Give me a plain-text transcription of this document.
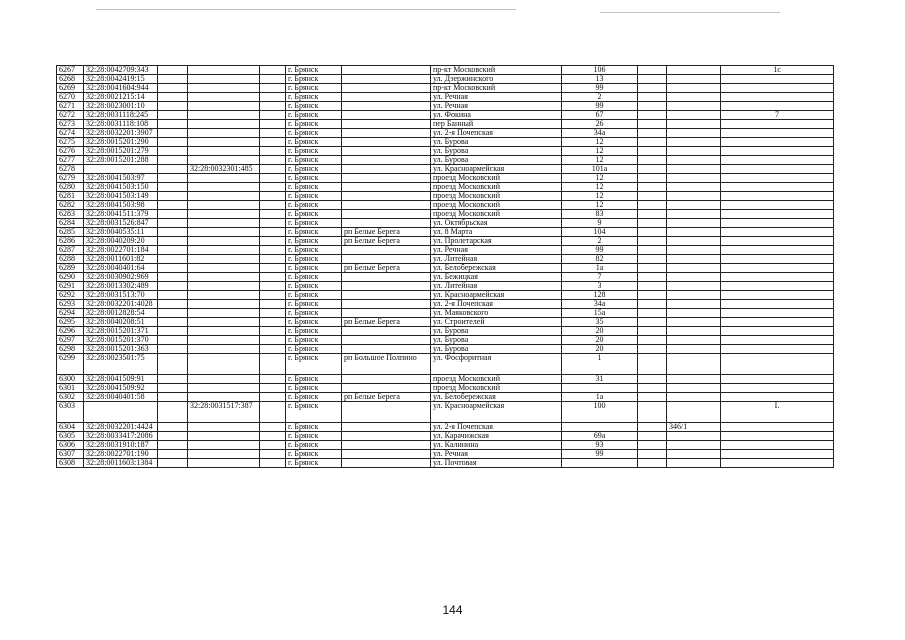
6267	32:28:0042709:343				г. Брянск		пр-кт Московский	106			1с
6268	32:28:0042419:15				г. Брянск		ул. Дзержинского	13			
6269	32:28:0041604:944				г. Брянск		пр-кт Московский	99			
6270	32:28:0021215:14				г. Брянск		ул. Речная	2			
6271	32:28:0023001:10				г. Брянск		ул. Речная	99			
6272	32:28:0031118:245				г. Брянск		ул. Фокина	67			7
6273	32:28:0031118:108				г. Брянск		пер Банный	26			
6274	32:28:0032201:3907				г. Брянск		ул. 2-я Почепская	34а			
6275	32:28:0015201:290				г. Брянск		ул. Бурова	12			
6276	32:28:0015201:279				г. Брянск		ул. Бурова	12			
6277	32:28:0015201:288				г. Брянск		ул. Бурова	12			
6278			32:28:0032301:485		г. Брянск		ул. Красноармейская	101а			
6279	32:28:0041503:97				г. Брянск		проезд Московский	12			
6280	32:28:0041503:150				г. Брянск		проезд Московский	12			
6281	32:28:0041503:149				г. Брянск		проезд Московский	12			
6282	32:28:0041503:98				г. Брянск		проезд Московский	12			
6283	32:28:0041511:379				г. Брянск		проезд Московский	83			
6284	32:28:0031526:847				г. Брянск		ул. Октябрьская	9			
6285	32:28:0040535:11				г. Брянск	рп Белые Берега	ул. 8 Марта	104			
6286	32:28:0040209:20				г. Брянск	рп Белые Берега	ул. Пролетарская	2			
6287	32:28:0022701:184				г. Брянск		ул. Речная	99			
6288	32:28:0011601:82				г. Брянск		ул. Литейная	82			
6289	32:28:0040401:64				г. Брянск	рп Белые Берега	ул. Белобережская	1а			
6290	32:28:0030902:969				г. Брянск		ул. Бежицкая	7			
6291	32:28:0013302:489				г. Брянск		ул. Литейная	3			
6292	32:28:0031513:70				г. Брянск		ул. Красноармейская	128			
6293	32:28:0032201:4028				г. Брянск		ул. 2-я Почепская	34а			
6294	32:28:0012828:54				г. Брянск		ул. Маяковского	15а			
6295	32:28:0040208:51				г. Брянск	рп Белые Берега	ул. Строителей	35			
6296	32:28:0015201:371				г. Брянск		ул. Бурова	20			
6297	32:28:0015201:370				г. Брянск		ул. Бурова	20			
6298	32:28:0015201:363				г. Брянск		ул. Бурова	20			
6299	32:28:0023501:75				г. Брянск	рп Большое Полпино	ул. Фосфоритная	1			
6300	32:28:0041509:91				г. Брянск		проезд Московский	31			
6301	32:28:0041509:92				г. Брянск		проезд Московский				
6302	32:28:0040401:58				г. Брянск	рп Белые Берега	ул. Белобережская	1а			
6303			32:28:0031517:387		г. Брянск		ул. Красноармейская	100			I.
6304	32:28:0032201:4424				г. Брянск		ул. 2-я Почепская			346/1	
6305	32:28:0033417:2086				г. Брянск		ул. Карачижская	69а			
6306	32:28:0031910:187				г. Брянск		ул. Калинина	93			
6307	32:28:0022701:190				г. Брянск		ул. Речная	99			
6308	32:28:0011603:1384				г. Брянск		ул. Почтовая				
144
